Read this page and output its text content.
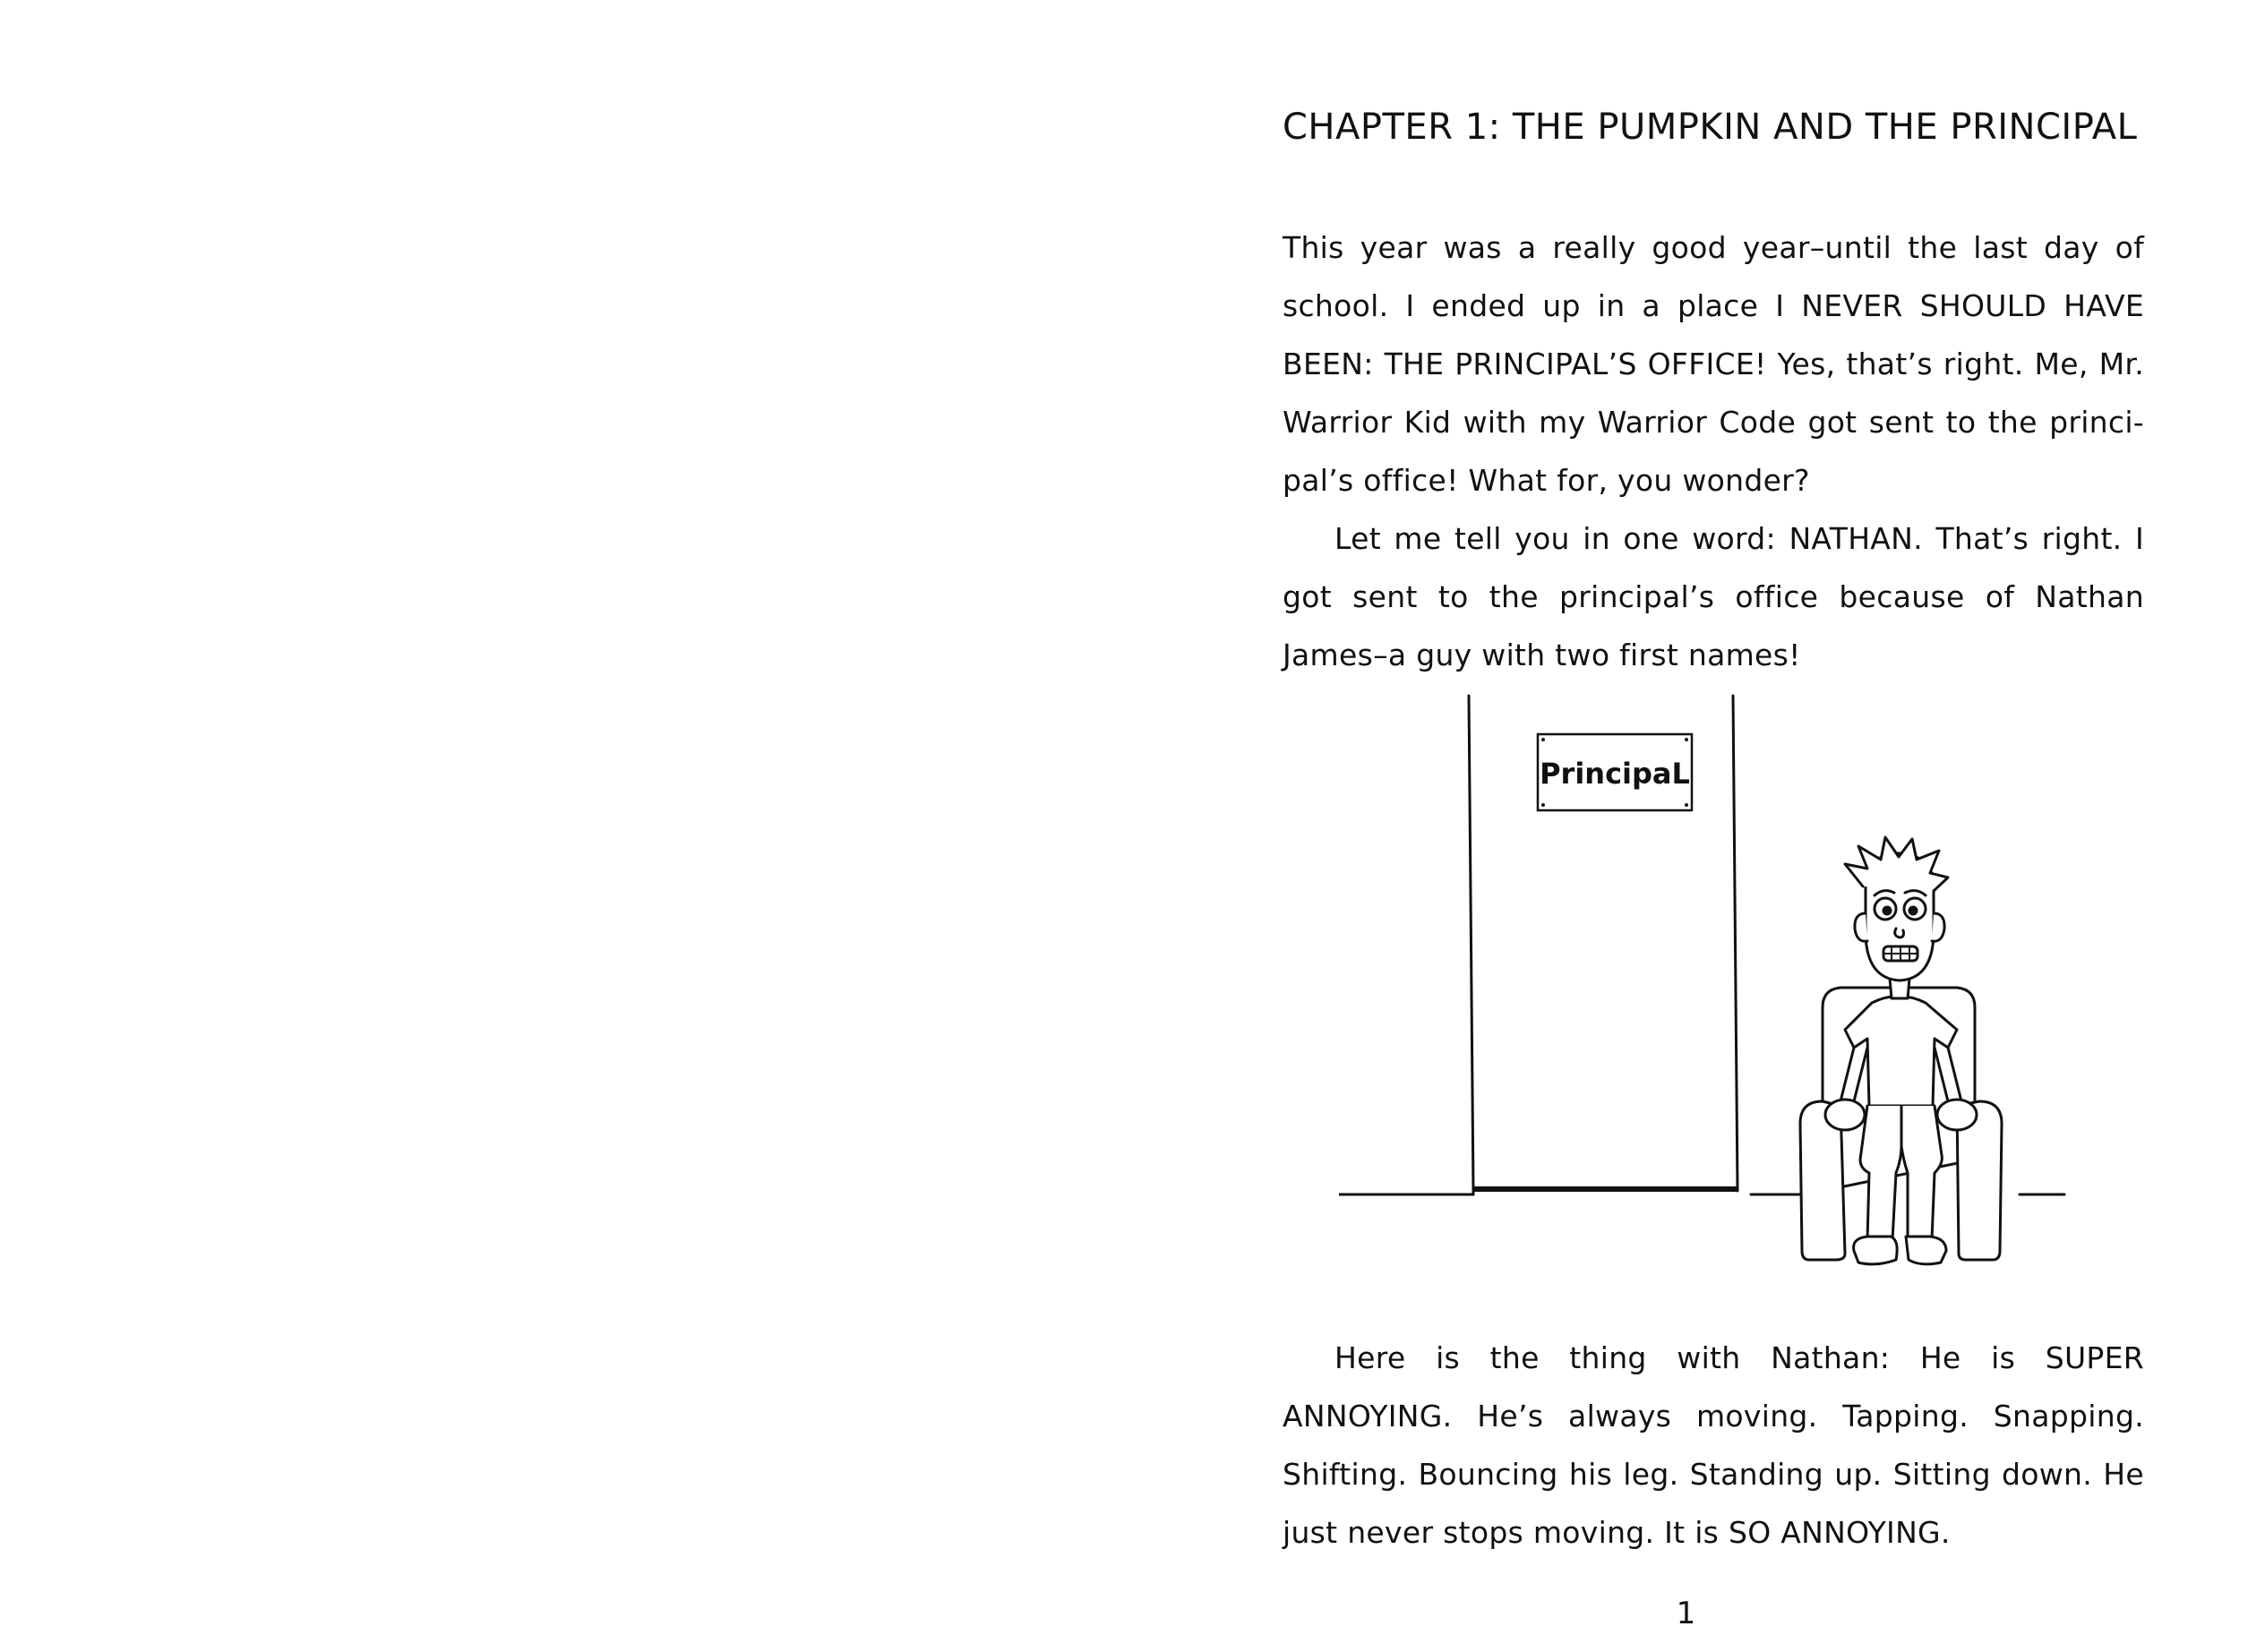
CHAPTER 1: THE PUMPKIN AND THE PRINCIPAL

This year was a really good year–until the last day of school. I ended up in a place I NEVER SHOULD HAVE BEEN: THE PRINCIPAL’S OFFICE! Yes, that’s right. Me, Mr. Warrior Kid with my Warrior Code got sent to the princi-pal’s office! What for, you wonder?

Let me tell you in one word: NATHAN. That’s right. I got sent to the principal’s office because of Nathan James–a guy with two first names!

PrincipaL

Here is the thing with Nathan: He is SUPER ANNOYING. He’s always moving. Tapping. Snapping. Shifting. Bouncing his leg. Standing up. Sitting down. He just never stops moving. It is SO ANNOYING.

1
